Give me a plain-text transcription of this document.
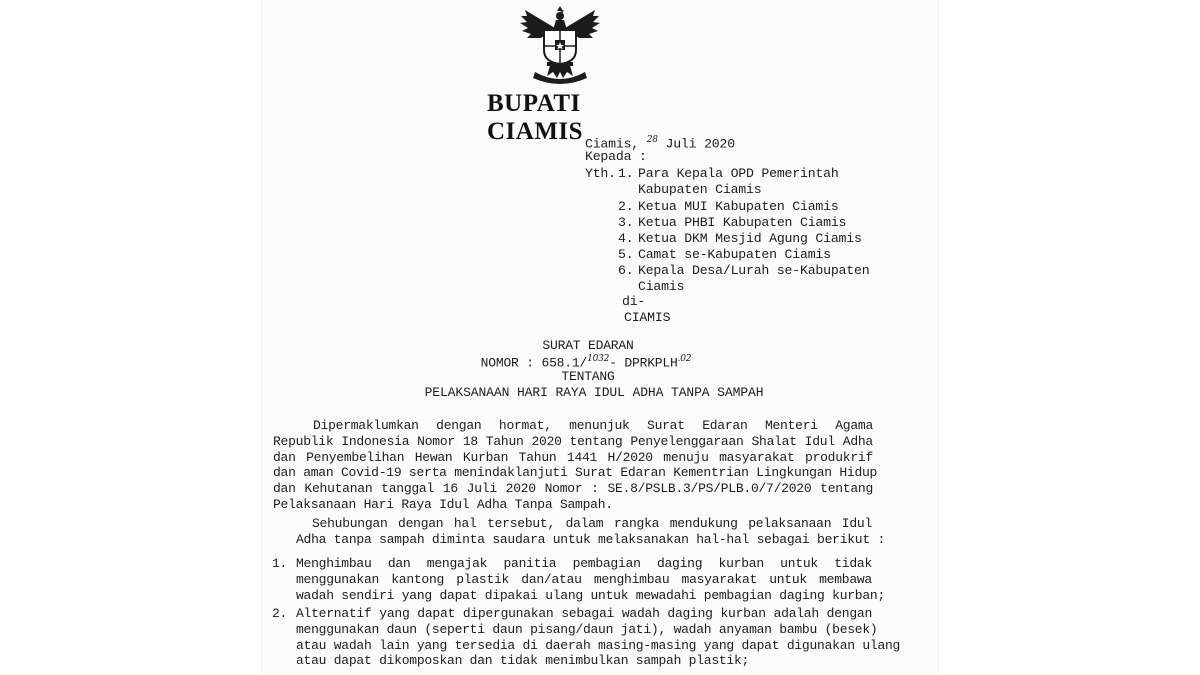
BUPATI CIAMIS Ciamis, $^{28}$ Juli 2020
Kepada :
Yth. 1. Para Kepala OPD Pemerintah
Kabupaten Ciamis
2. Ketua MUI Kabupaten Ciamis
3. Ketua PHBI Kabupaten Ciamis
4. Ketua DKM Mesjid Agung Ciamis
5. Camat se-Kabupaten Ciamis
6. Kepala Desa/Lurah se-Kabupaten
Ciamis
di-
CIAMIS
SURAT EDARAN
NOMOR : 658.1/$^{1032}$- $DPRKPLH^{.02}$
TENTANG
PELAKSANAAN HARI RAYA IDUL ADHA TANPA SAMPAH
Dipermaklumkan dengan hormat, menunjuk Surat Edaran Menteri Agama
Republik Indonesia Nomor 18 Tahun 2020 tentang Penyelenggaraan Shalat Idul Adha
dan Penyembelihan Hewan Kurban Tahun 1441 H/2020 menuju masyarakat produkrif
dan aman Covid-19 serta menindaklanjuti Surat Edaran Kementrian Lingkungan Hidup
dan Kehutanan tanggal 16 Juli 2020 Nomor : SE.8/PSLB.3/PS/PLB.0/7/2020 tentang
Pelaksanaan Hari Raya Idul Adha Tanpa Sampah.
Sehubungan dengan hal tersebut, dalam rangka mendukung pelaksanaan Idul
Adha tanpa sampah diminta saudara untuk melaksanakan hal-hal sebagai berikut :
1. Menghimbau dan mengajak panitia pembagian daging kurban untuk tidak
menggunakan kantong plastik dan/atau menghimbau masyarakat untuk membawa
wadah sendiri yang dapat dipakai ulang untuk mewadahi pembagian daging kurban;
2. Alternatif yang dapat dipergunakan sebagai wadah daging kurban adalah dengan
menggunakan daun (seperti daun pisang/daun jati), wadah anyaman bambu (besek)
atau wadah lain yang tersedia di daerah masing-masing yang dapat digunakan ulang
atau dapat dikomposkan dan tidak menimbulkan sampah plastik;
